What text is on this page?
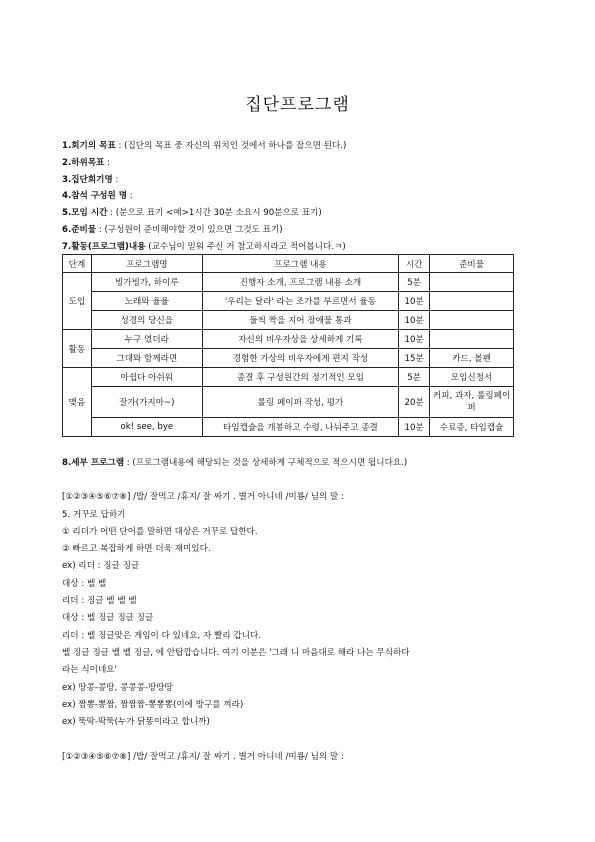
집단프로그램
1.회기의 목표 : (집단의 목표 중 자신의 위치인 것에서 하나를 잡으면 된다.)
2.하위목표 :
3.집단회기명 :
4.참석 구성원 명 :
5.모임 시간 : (분으로 표기 <예>1시간 30분 소요시 90분으로 표기)
6.준비물 : (구성원이 준비해야할 것이 있으면 그것도 표기)
7.활동(프로그램)내용 (교수님이 믿워 주신 거 참고하시라고 적어봅니다.ㅋ)
단계	프로그램명	프로그램 내용	시간	준비물
도입	빙가빙가, 하이루	진행자 소개, 프로그램 내용 소개	5분	
	노래와 율율	'우리는 달라' 라는 조가를 부르면서 율동	10분	
	성경의 당신을	둘씩 짝을 지어 장애물 통과	10분	
활동	누구 였더라	자신의 비우자상을 상세하게 기록	10분	
	그대와 함께라면	경험한 가상의 비우자에게 편지 작성	15분	카드, 볼펜
맺음	아쉽다 아쉬워	종결 후 구성원간의 정기적인 모임	5분	모임신청서
	잘가(가지마~)	롤링 페이퍼 작성, 평가	20분	커피, 과자, 롤링페이퍼
	ok! see, bye	타임캡슐을 개봉하고 수령, 나눠주고 종결	10분	수료증, 타임캡슐
8.세부 프로그램 : (프로그램내용에 해당되는 것을 상세하게 구체적으로 적으시면 됩니다요.)
[①②③④⑤⑥⑦⑧] /밥/ 잘먹고 /휴지/ 잘 싸기 . 별거 아니네 /미룡/ 님의 말 :
5. 거꾸로 답하기
① 리더가 어떤 단어를 말하면 대상은 거꾸로 답한다.
② 빠르고 복잡하게 하면 더욱 재미있다.
ex) 리더 : 징글 징글
대상 : 벨 벨
리더 : 징글 벨 벨 벨
대상 : 벨 징글 징글 징글
리더 : 벨 징글맞은 게임이 다 있네요, 자 빨리 갑니다.
벨 징글 징글 벨 벨 징글, 에 안탑깝습니다. 여기 이분은 '그래 니 마음대로 해라 나는 무식하다
라는 식이네요'
ex) 땅콩-콩땅, 콩콩콩-땅땅땅
ex) 짬뽕-뽕짬, 짬짬짬-뽕뽕뽕(이에 방구를 껴라)
ex) 뚝딱-딱뚝(누가 닭똥이라고 합니까)

[①②③④⑤⑥⑦⑧] /밥/ 잘먹고 /휴지/ 잘 싸기 . 별거 아니네 /미룡/ 님의 말 :
